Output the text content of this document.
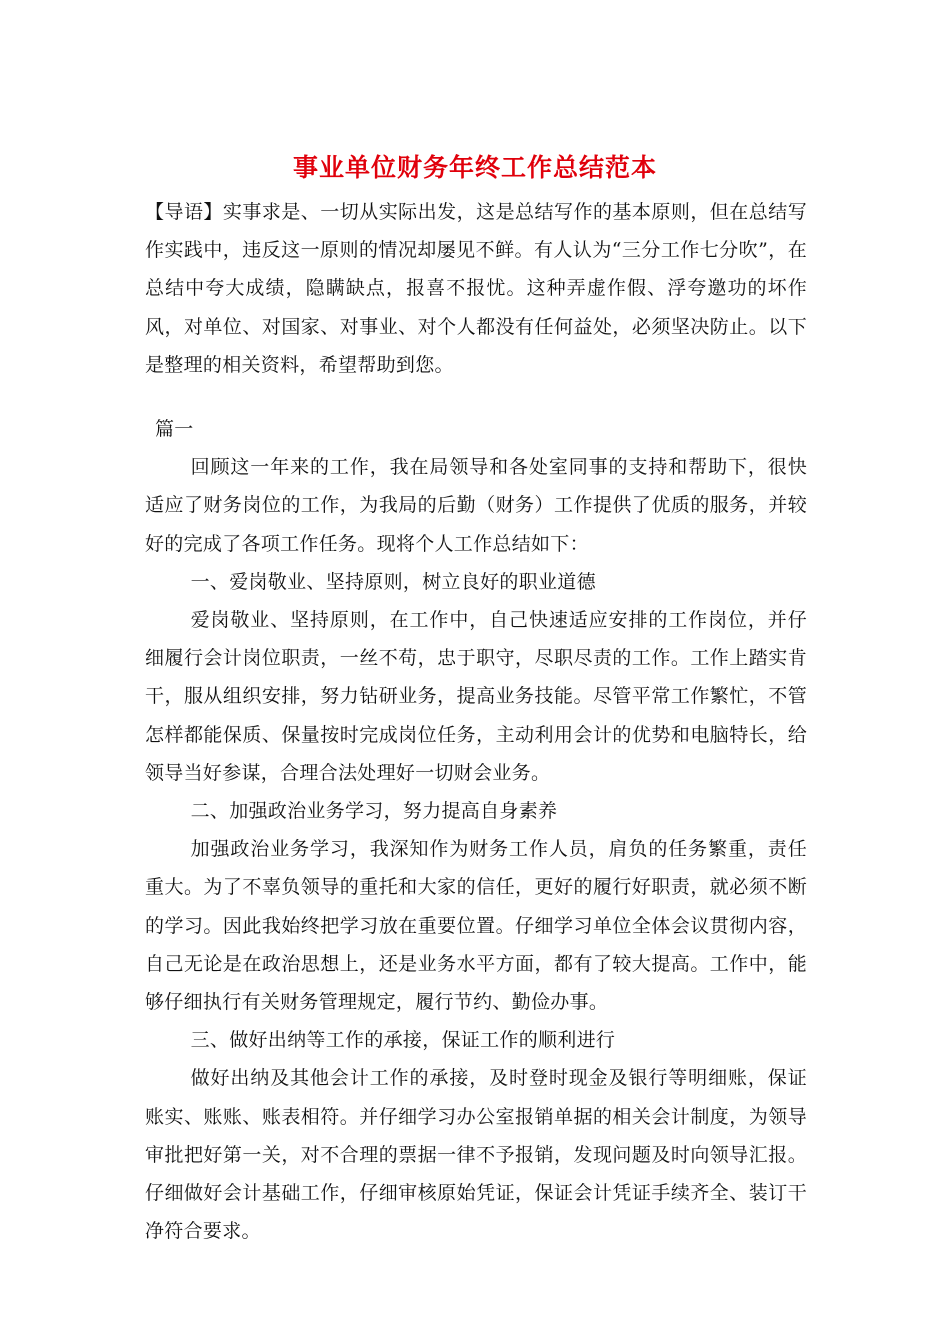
事业单位财务年终工作总结范本

【导语】实事求是、一切从实际出发，这是总结写作的基本原则，但在总结写作实践中，违反这一原则的情况却屡见不鲜。有人认为“三分工作七分吹”，在总结中夸大成绩，隐瞒缺点，报喜不报忧。这种弄虚作假、浮夸邀功的坏作风，对单位、对国家、对事业、对个人都没有任何益处，必须坚决防止。以下是整理的相关资料，希望帮助到您。

篇一

回顾这一年来的工作，我在局领导和各处室同事的支持和帮助下，很快适应了财务岗位的工作，为我局的后勤（财务）工作提供了优质的服务，并较好的完成了各项工作任务。现将个人工作总结如下：

一、爱岗敬业、坚持原则，树立良好的职业道德

爱岗敬业、坚持原则，在工作中，自己快速适应安排的工作岗位，并仔细履行会计岗位职责，一丝不苟，忠于职守，尽职尽责的工作。工作上踏实肯干，服从组织安排，努力钻研业务，提高业务技能。尽管平常工作繁忙，不管怎样都能保质、保量按时完成岗位任务，主动利用会计的优势和电脑特长，给领导当好参谋，合理合法处理好一切财会业务。

二、加强政治业务学习，努力提高自身素养

加强政治业务学习，我深知作为财务工作人员，肩负的任务繁重，责任重大。为了不辜负领导的重托和大家的信任，更好的履行好职责，就必须不断的学习。因此我始终把学习放在重要位置。仔细学习单位全体会议贯彻内容，自己无论是在政治思想上，还是业务水平方面，都有了较大提高。工作中，能够仔细执行有关财务管理规定，履行节约、勤俭办事。

三、做好出纳等工作的承接，保证工作的顺利进行

做好出纳及其他会计工作的承接，及时登时现金及银行等明细账，保证账实、账账、账表相符。并仔细学习办公室报销单据的相关会计制度，为领导审批把好第一关，对不合理的票据一律不予报销，发现问题及时向领导汇报。仔细做好会计基础工作，仔细审核原始凭证，保证会计凭证手续齐全、装订干净符合要求。
